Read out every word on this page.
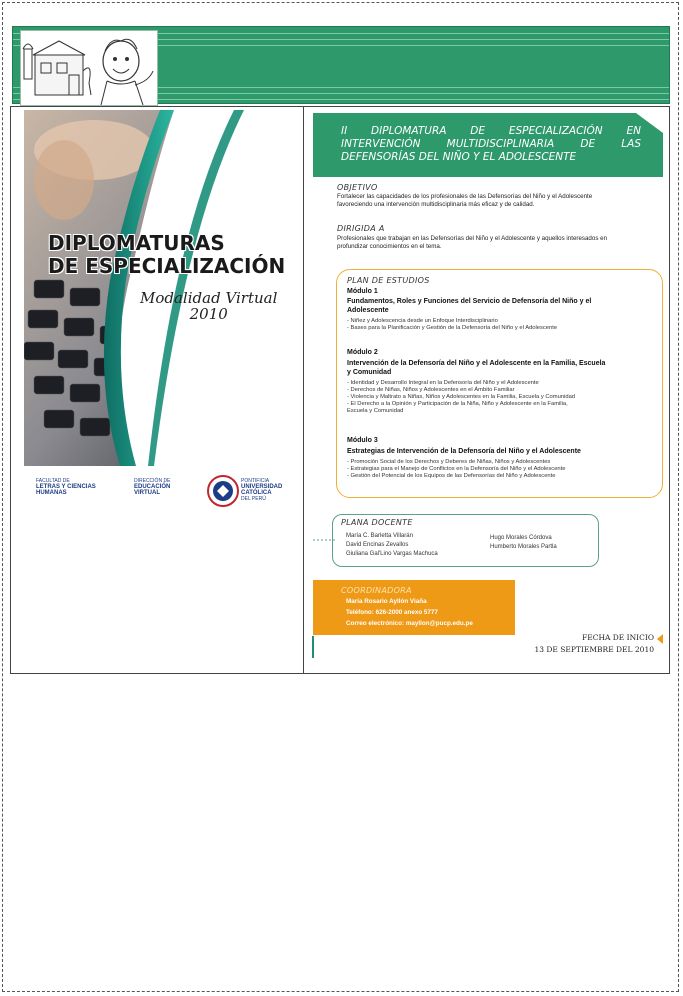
DIPLOMATURAS
DE ESPECIALIZACIÓN
Modalidad Virtual
2010
FACULTAD DE
LETRAS Y CIENCIAS
HUMANAS
DIRECCIÓN DE
EDUCACIÓN
VIRTUAL
PONTIFICIA
UNIVERSIDAD
CATÓLICA
DEL PERÚ
II DIPLOMATURA DE ESPECIALIZACIÓN EN INTERVENCIÓN MULTIDISCIPLINARIA DE LAS DEFENSORÍAS DEL NIÑO Y EL ADOLESCENTE
OBJETIVO
Fortalecer las capacidades de los profesionales de las Defensorías del Niño y el Adolescente
favoreciendo una intervención multidisciplinaria más eficaz y de calidad.
DIRIGIDA A
Profesionales que trabajan en las Defensorías del Niño y el Adolescente y aquellos interesados en
profundizar conocimientos en el tema.
PLAN DE ESTUDIOS
Módulo 1
Fundamentos, Roles y Funciones del Servicio de Defensoría del Niño y el
Adolescente
- Niñez y Adolescencia desde un Enfoque Interdisciplinario
- Bases para la Planificación y Gestión de la Defensoría del Niño y el Adolescente
Módulo 2
Intervención de la Defensoría del Niño y el Adolescente en la Familia, Escuela
y Comunidad
- Identidad y Desarrollo Integral en la Defensoría del Niño y el Adolescente
- Derechos de Niñas, Niños y Adolescentes en el Ámbito Familiar
- Violencia y Maltrato a Niñas, Niños y Adolescentes en la Familia, Escuela y Comunidad
- El Derecho a la Opinión y Participación de la Niña, Niño y Adolescente en la Familia,
Escuela y Comunidad
Módulo 3
Estrategias de Intervención de la Defensoría del Niño y el Adolescente
- Promoción Social de los Derechos y Deberes de Niñas, Niños y Adolescentes
- Estrategias para el Manejo de Conflictos en la Defensoría del Niño y el Adolescente
- Gestión del Potencial de los Equipos de las Defensorías del Niño y Adolescente
PLANA DOCENTE
María C. Barletta Villarán
David Encinas Zevallos
Giuliana Gal'Lino Vargas Machuca
Hugo Morales Córdova
Humberto Morales Partla
COORDINADORA
María Rosario Ayllón Viaña
Teléfono: 626-2000 anexo 5777
Correo electrónico: mayllon@pucp.edu.pe
FECHA DE INICIO
13 DE SEPTIEMBRE DEL 2010
